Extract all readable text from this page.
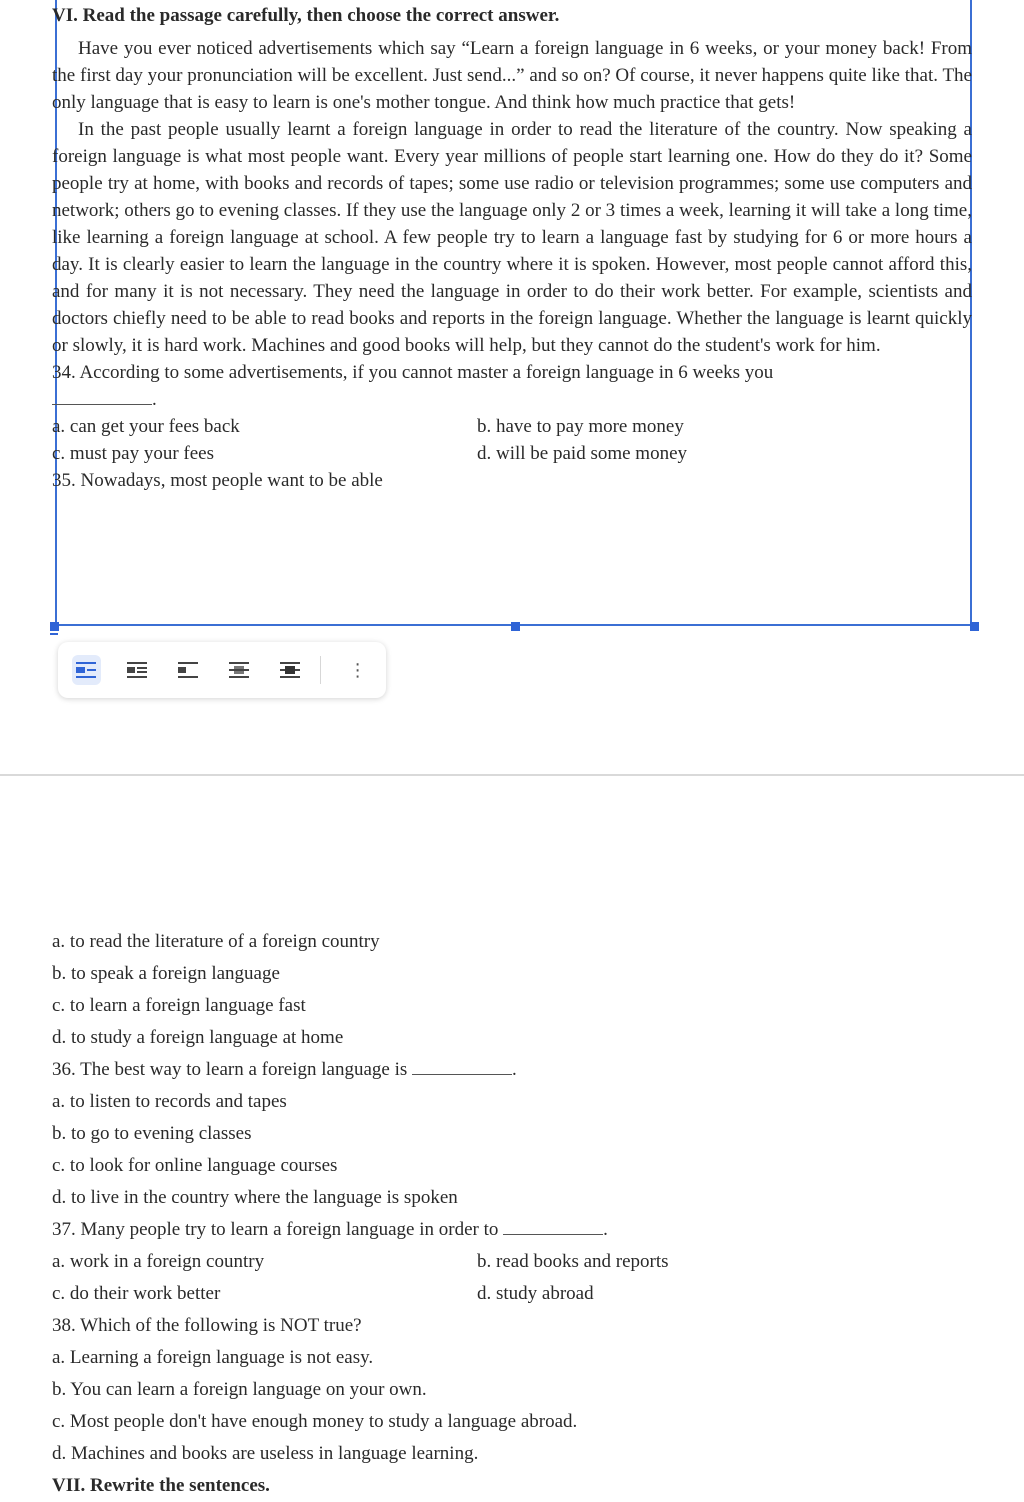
VI. Read the passage carefully, then choose the correct answer.

Have you ever noticed advertisements which say “Learn a foreign language in 6 weeks, or your money back! From the first day your pronunciation will be excellent. Just send...” and so on? Of course, it never happens quite like that. The only language that is easy to learn is one's mother tongue. And think how much practice that gets!

In the past people usually learnt a foreign language in order to read the literature of the country. Now speaking a foreign language is what most people want. Every year millions of people start learning one. How do they do it? Some people try at home, with books and records of tapes; some use radio or television programmes; some use computers and network; others go to evening classes. If they use the language only 2 or 3 times a week, learning it will take a long time, like learning a foreign language at school. A few people try to learn a language fast by studying for 6 or more hours a day. It is clearly easier to learn the language in the country where it is spoken. However, most people cannot afford this, and for many it is not necessary. They need the language in order to do their work better. For example, scientists and doctors chiefly need to be able to read books and reports in the foreign language. Whether the language is learnt quickly or slowly, it is hard work. Machines and good books will help, but they cannot do the student's work for him.

34. According to some advertisements, if you cannot master a foreign language in 6 weeks you

.

a. can get your fees back	b. have to pay more money
c. must pay your fees	d. will be paid some money

35. Nowadays, most people want to be able

⋮
a. to read the literature of a foreign country
b. to speak a foreign language
c. to learn a foreign language fast
d. to study a foreign language at home
36. The best way to learn a foreign language is	.
a. to listen to records and tapes
b. to go to evening classes
c. to look for online language courses
d. to live in the country where the language is spoken
37. Many people try to learn a foreign language in order to	.
a. work in a foreign country	b. read books and reports
c. do their work better	d. study abroad
38. Which of the following is NOT true?
a. Learning a foreign language is not easy.
b. You can learn a foreign language on your own.
c. Most people don't have enough money to study a language abroad.
d. Machines and books are useless in language learning.
VII. Rewrite the sentences.
